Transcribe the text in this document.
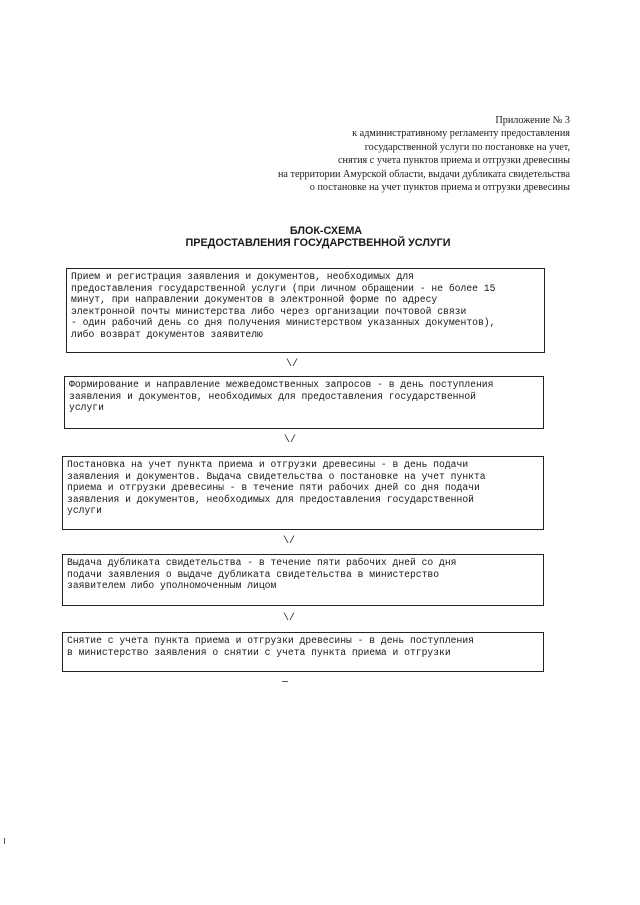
Приложение № 3
к административному регламенту предоставления
государственной услуги по постановке на учет,
снятия с учета пунктов приема и отгрузки древесины
на территории Амурской области, выдачи дубликата свидетельства
о постановке на учет пунктов приема и отгрузки древесины
БЛОК-СХЕМА
ПРЕДОСТАВЛЕНИЯ ГОСУДАРСТВЕННОЙ УСЛУГИ
Прием и регистрация заявления и документов, необходимых для
предоставления государственной услуги (при личном обращении - не более 15
минут, при направлении документов в электронной форме по адресу
электронной почты министерства либо через организации почтовой связи
- один рабочий день со дня получения министерством указанных документов),
либо возврат документов заявителю
\/
Формирование и направление межведомственных запросов - в день поступления
заявления и документов, необходимых для предоставления государственной
услуги
\/
Постановка на учет пункта приема и отгрузки древесины - в день подачи
заявления и документов. Выдача свидетельства о постановке на учет пункта
приема и отгрузки древесины - в течение пяти рабочих дней со дня подачи
заявления и документов, необходимых для предоставления государственной
услуги
\/
Выдача дубликата свидетельства - в течение пяти рабочих дней со дня
подачи заявления о выдаче дубликата свидетельства в министерство
заявителем либо уполномоченным лицом
\/
Снятие с учета пункта приема и отгрузки древесины - в день поступления
в министерство заявления о снятии с учета пункта приема и отгрузки
